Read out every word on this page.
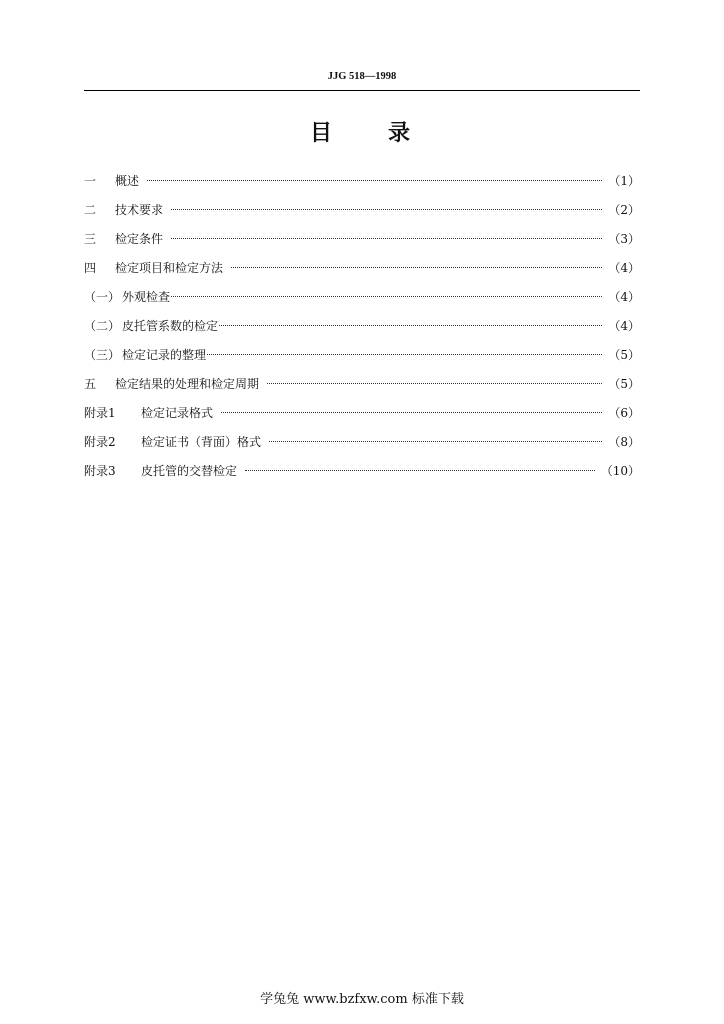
JJG 518—1998
目　　录
一	概述	（1）
二	技术要求	（2）
三	检定条件	（3）
四	检定项目和检定方法	（4）
（一） 外观检查	（4）
（二） 皮托管系数的检定	（4）
（三） 检定记录的整理	（5）
五	检定结果的处理和检定周期	（5）
附录1	检定记录格式	（6）
附录2	检定证书（背面）格式	（8）
附录3	皮托管的交替检定	（10）
学兔兔 www.bzfxw.com 标准下载
